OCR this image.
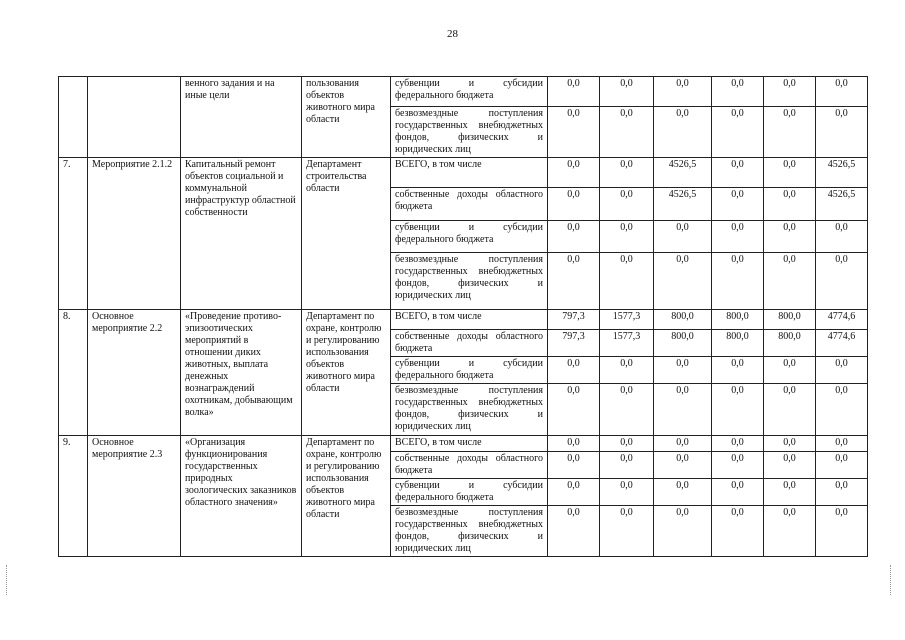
28
		венного задания и на иные цели	пользования объектов животного мира области	субвенции и субсидии федерального бюджета	0,0	0,0	0,0	0,0	0,0	0,0
				безвозмездные поступления государственных внебюджетных фондов, физических и юридических лиц	0,0	0,0	0,0	0,0	0,0	0,0
7.	Мероприятие 2.1.2	Капитальный ремонт объектов социальной и коммунальной инфраструктур областной собственности	Департамент строительства области	ВСЕГО, в том числе	0,0	0,0	4526,5	0,0	0,0	4526,5
				собственные доходы областного бюджета	0,0	0,0	4526,5	0,0	0,0	4526,5
				субвенции и субсидии федерального бюджета	0,0	0,0	0,0	0,0	0,0	0,0
				безвозмездные поступления государственных внебюджетных фондов, физических и юридических лиц	0,0	0,0	0,0	0,0	0,0	0,0
8.	Основное мероприятие 2.2	«Проведение противо-эпизоотических мероприятий в отношении диких животных, выплата денежных вознаграждений охотникам, добывающим волка»	Департамент по охране, контролю и регулированию использования объектов животного мира области	ВСЕГО, в том числе	797,3	1577,3	800,0	800,0	800,0	4774,6
				собственные доходы областного бюджета	797,3	1577,3	800,0	800,0	800,0	4774,6
				субвенции и субсидии федерального бюджета	0,0	0,0	0,0	0,0	0,0	0,0
				безвозмездные поступления государственных внебюджетных фондов, физических и юридических лиц	0,0	0,0	0,0	0,0	0,0	0,0
9.	Основное мероприятие 2.3	«Организация функционирования государственных природных зоологических заказников областного значения»	Департамент по охране, контролю и регулированию использования объектов животного мира области	ВСЕГО, в том числе	0,0	0,0	0,0	0,0	0,0	0,0
				собственные доходы областного бюджета	0,0	0,0	0,0	0,0	0,0	0,0
				субвенции и субсидии федерального бюджета	0,0	0,0	0,0	0,0	0,0	0,0
				безвозмездные поступления государственных внебюджетных фондов, физических и юридических лиц	0,0	0,0	0,0	0,0	0,0	0,0
